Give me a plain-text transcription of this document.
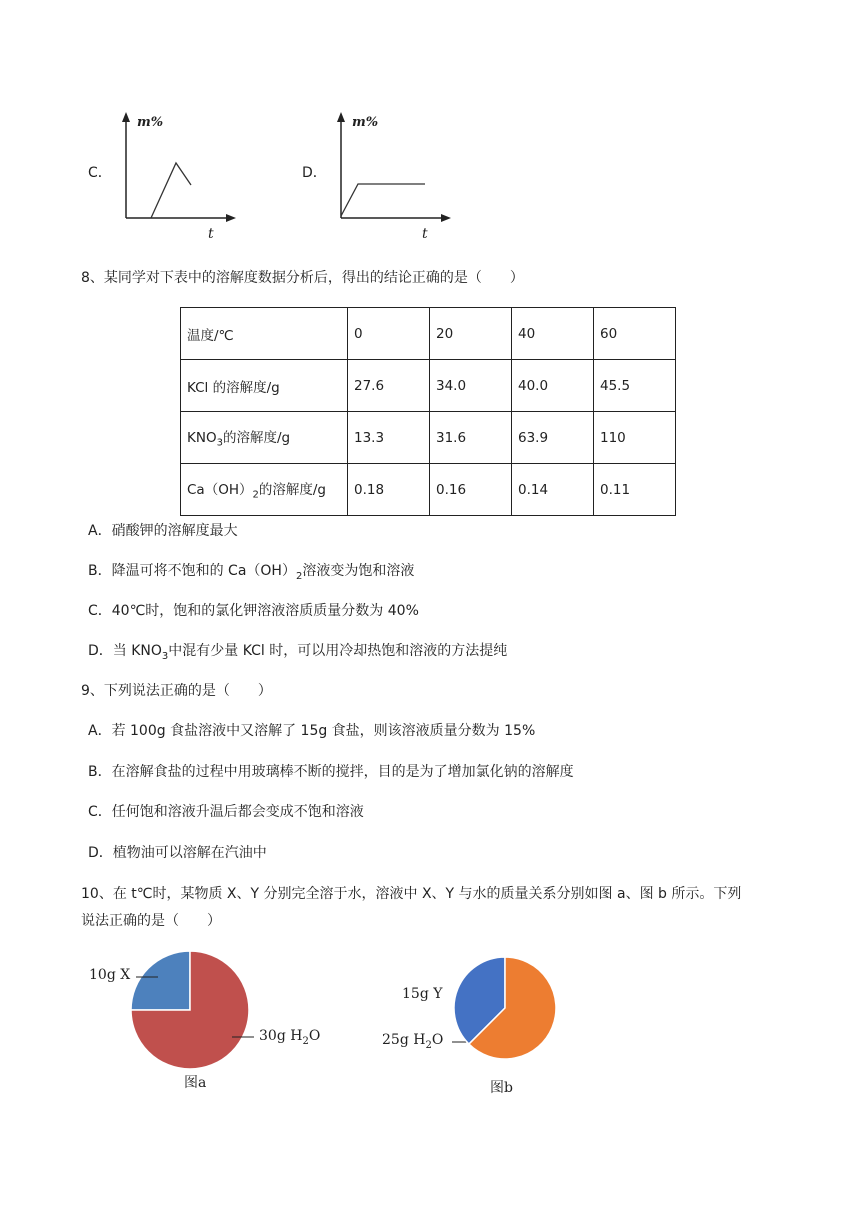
C．
m%
t
D．
m%
t
8、某同学对下表中的溶解度数据分析后，得出的结论正确的是（　　）
温度/℃	0	20	40	60
KCl 的溶解度/g	27.6	34.0	40.0	45.5
$KNO_3$的溶解度/g	13.3	31.6	63.9	110
$Ca(OH)_2$的溶解度/g	0.18	0.16	0.14	0.11
A．硝酸钾的溶解度最大
B．降温可将不饱和的 $Ca(OH)_2$溶液变为饱和溶液
C．40℃时，饱和的氯化钾溶液溶质质量分数为 40%
D．当 $KNO_3$中混有少量 KCl 时，可以用冷却热饱和溶液的方法提纯
9、下列说法正确的是（　　）
A．若 100g 食盐溶液中又溶解了 15g 食盐，则该溶液质量分数为 15%
B．在溶解食盐的过程中用玻璃棒不断的搅拌，目的是为了增加氯化钠的溶解度
C．任何饱和溶液升温后都会变成不饱和溶液
D．植物油可以溶解在汽油中
10、在 t℃时，某物质 X、Y 分别完全溶于水，溶液中 X、Y 与水的质量关系分别如图 a、图 b 所示。下列
说法正确的是（　　）
10g X
30g $H_2O$
图a
15g Y
25g $H_2O$
图b
